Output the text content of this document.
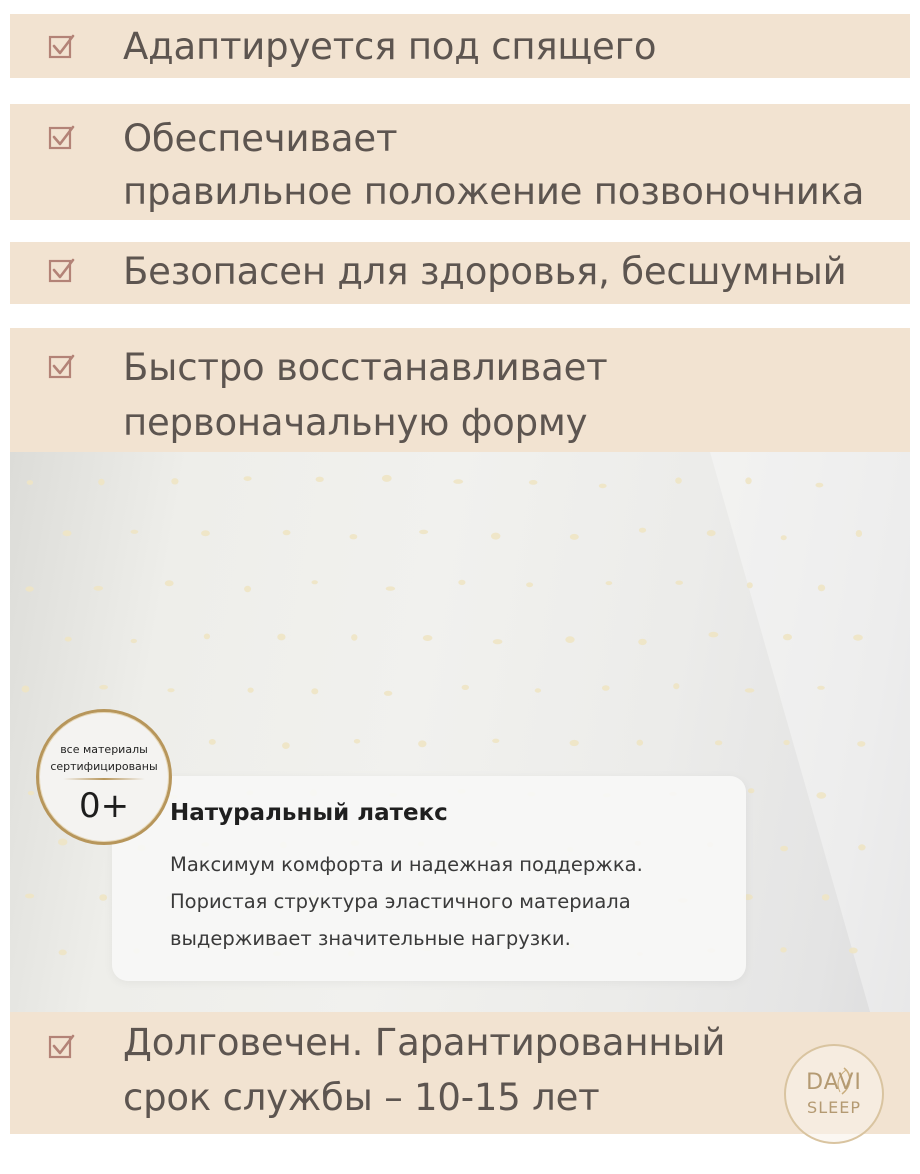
Адаптируется под спящего
Обеспечивает
правильное положение позвоночника
Безопасен для здоровья, бесшумный
Быстро восстанавливает
первоначальную форму
Долговечен. Гарантированный
срок службы – 10-15 лет
Натуральный латекс
Максимум комфорта и надежная поддержка.
Пористая структура эластичного материала
выдерживает значительные нагрузки.
все материалы
сертифицированы
0+
DAVI
SLEEP
